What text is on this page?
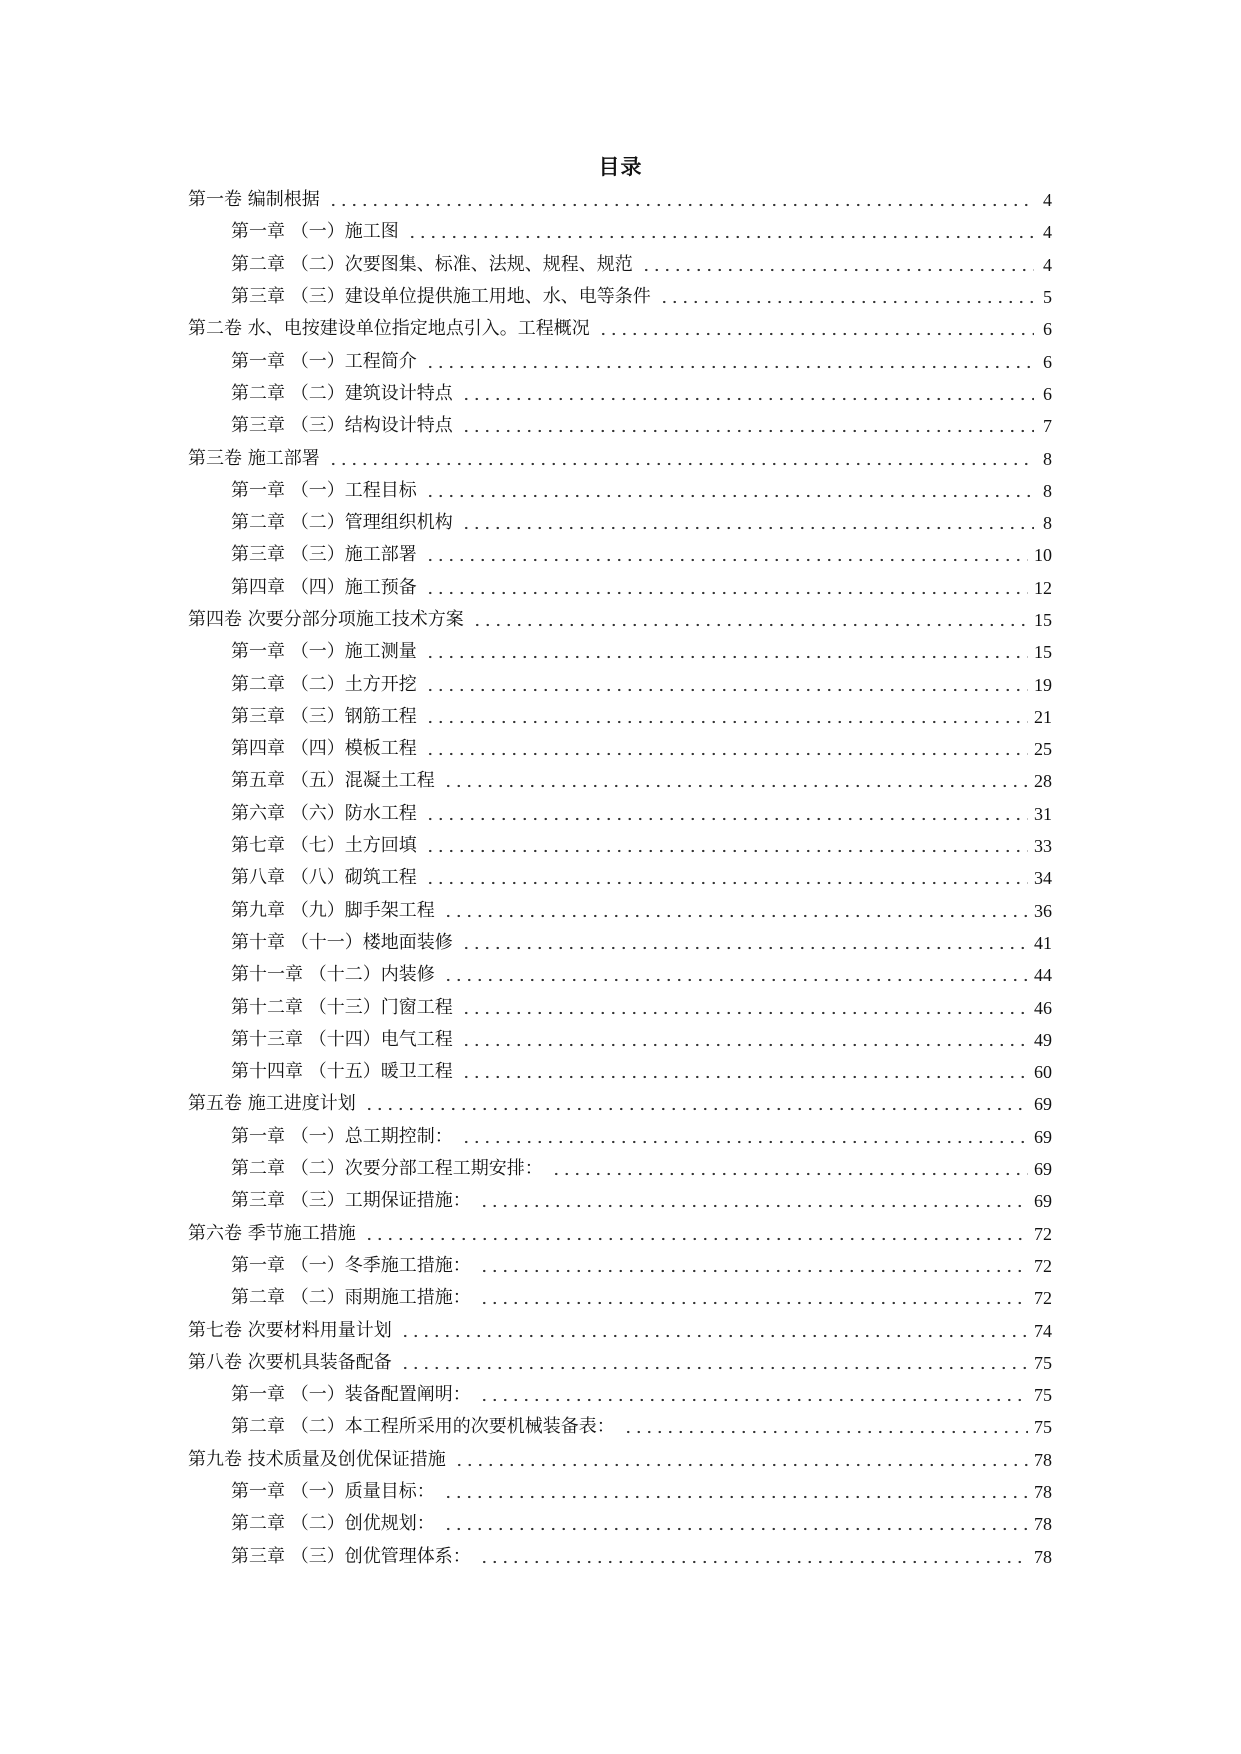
目录
第一卷 编制根据	4
第一章 （一）施工图	4
第二章 （二）次要图集、标准、法规、规程、规范	4
第三章 （三）建设单位提供施工用地、水、电等条件	5
第二卷 水、电按建设单位指定地点引入。工程概况	6
第一章 （一）工程简介	6
第二章 （二）建筑设计特点	6
第三章 （三）结构设计特点	7
第三卷 施工部署	8
第一章 （一）工程目标	8
第二章 （二）管理组织机构	8
第三章 （三）施工部署	10
第四章 （四）施工预备	12
第四卷 次要分部分项施工技术方案	15
第一章 （一）施工测量	15
第二章 （二）土方开挖	19
第三章 （三）钢筋工程	21
第四章 （四）模板工程	25
第五章 （五）混凝土工程	28
第六章 （六）防水工程	31
第七章 （七）土方回填	33
第八章 （八）砌筑工程	34
第九章 （九）脚手架工程	36
第十章 （十一）楼地面装修	41
第十一章 （十二）内装修	44
第十二章 （十三）门窗工程	46
第十三章 （十四）电气工程	49
第十四章 （十五）暖卫工程	60
第五卷 施工进度计划	69
第一章 （一）总工期控制：	69
第二章 （二）次要分部工程工期安排：	69
第三章 （三）工期保证措施：	69
第六卷 季节施工措施	72
第一章 （一）冬季施工措施：	72
第二章 （二）雨期施工措施：	72
第七卷 次要材料用量计划	74
第八卷 次要机具装备配备	75
第一章 （一）装备配置阐明：	75
第二章 （二）本工程所采用的次要机械装备表：	75
第九卷 技术质量及创优保证措施	78
第一章 （一）质量目标：	78
第二章 （二）创优规划：	78
第三章 （三）创优管理体系：	78
